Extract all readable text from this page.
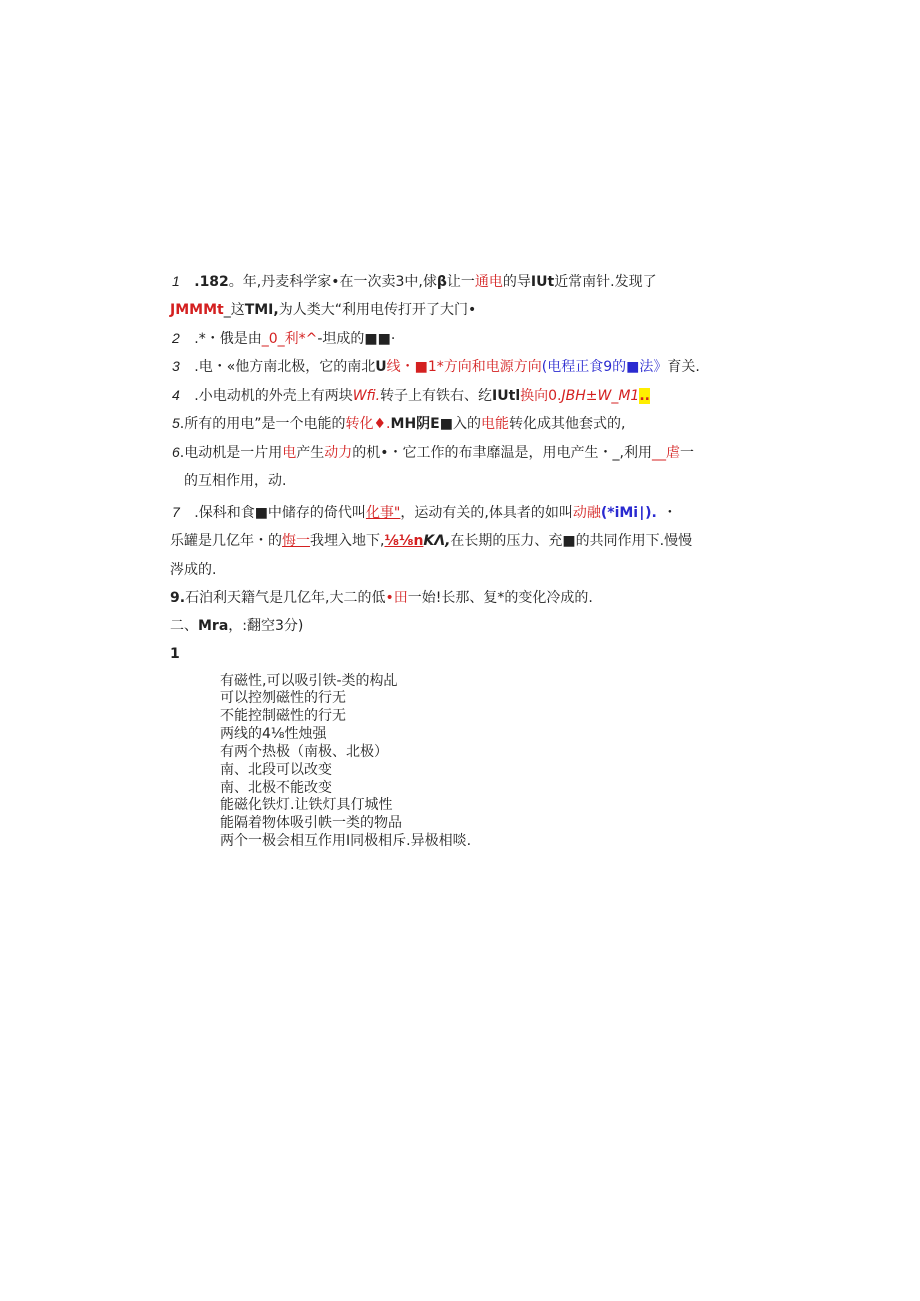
1 .182。年,丹麦科学家•在一次卖3中,俅β让一通电的导IUt近常南针.发现了
JMMMt_这TMI,为人类大“利用电传打开了大门•
2 .*・俄是由_0_利*^-坦成的■■·
3 .电・«他方南北极，它的南北U线・■1*方向和电源方向(电程正食9的■法》育关.
4 .小电动机的外壳上有两块Wfi.转子上有铁右、纥IUtl换向0.JBH±W_M1..
5.所有的用电”是一个电能的转化♦.MH阴E■入的电能转化成其他套式的,
6.电动机是一片用电产生动力的机•・它工作的布聿靡温是，用电产生・_,利用__虐一
的互相作用，动.
7 .保科和食■中储存的倚代叫化事"，运动有关的,体具者的如叫动融(*iMi∣). ・
乐罐是几亿年・的悔一我埋入地下,⅛⅛nKΛ,在长期的压力、充■的共同作用下.慢慢
涔成的.
9.石泊利天籍气是几亿年,大二的低•田一始!长那、复*的变化冷成的.
二、Mra，:翻空3分)
1
有磁性,可以吸引铁-类的构乩
可以控刎磁性的行无
不能控制磁性的行无
两线的4⅛性烛强
有两个热极（南极、北极）
南、北段可以改变
南、北极不能改变
能磁化铁灯.让铁灯具仃城性
能隔着物体吸引帙一类的物品
两个一极会相互作用I同极相斥.异极相啖.
